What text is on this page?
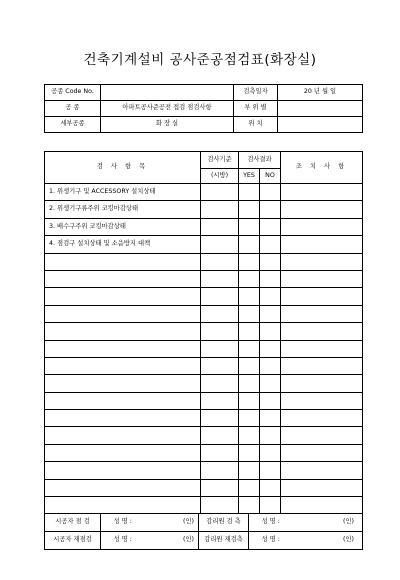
건축기계설비 공사준공점검표(화장실)
공종 Code No.		검측일자	20 년 월 일
공 종	아파트공사준공전 접검 점검사항	부 위 별	
세부공종	화 장 실	위 치	
검 사 항 목	검사기준	검사결과		조 치 사 항
	(시방)	YES	NO	
1. 위생기구 및 ACCESSORY 설치상태				
2. 위생기구류주위 코킹마감상태				
3. 배수구주위 코킹마감상태				
4. 점검구 설치상태 및 소음방지 대책				

시공자 점 검	성 명 :	(인)	감리원 검 측	성 명 :	(인)
시공자 재점검	성 명 :	(인)	감리원 재검측	성 명 :	(인)
